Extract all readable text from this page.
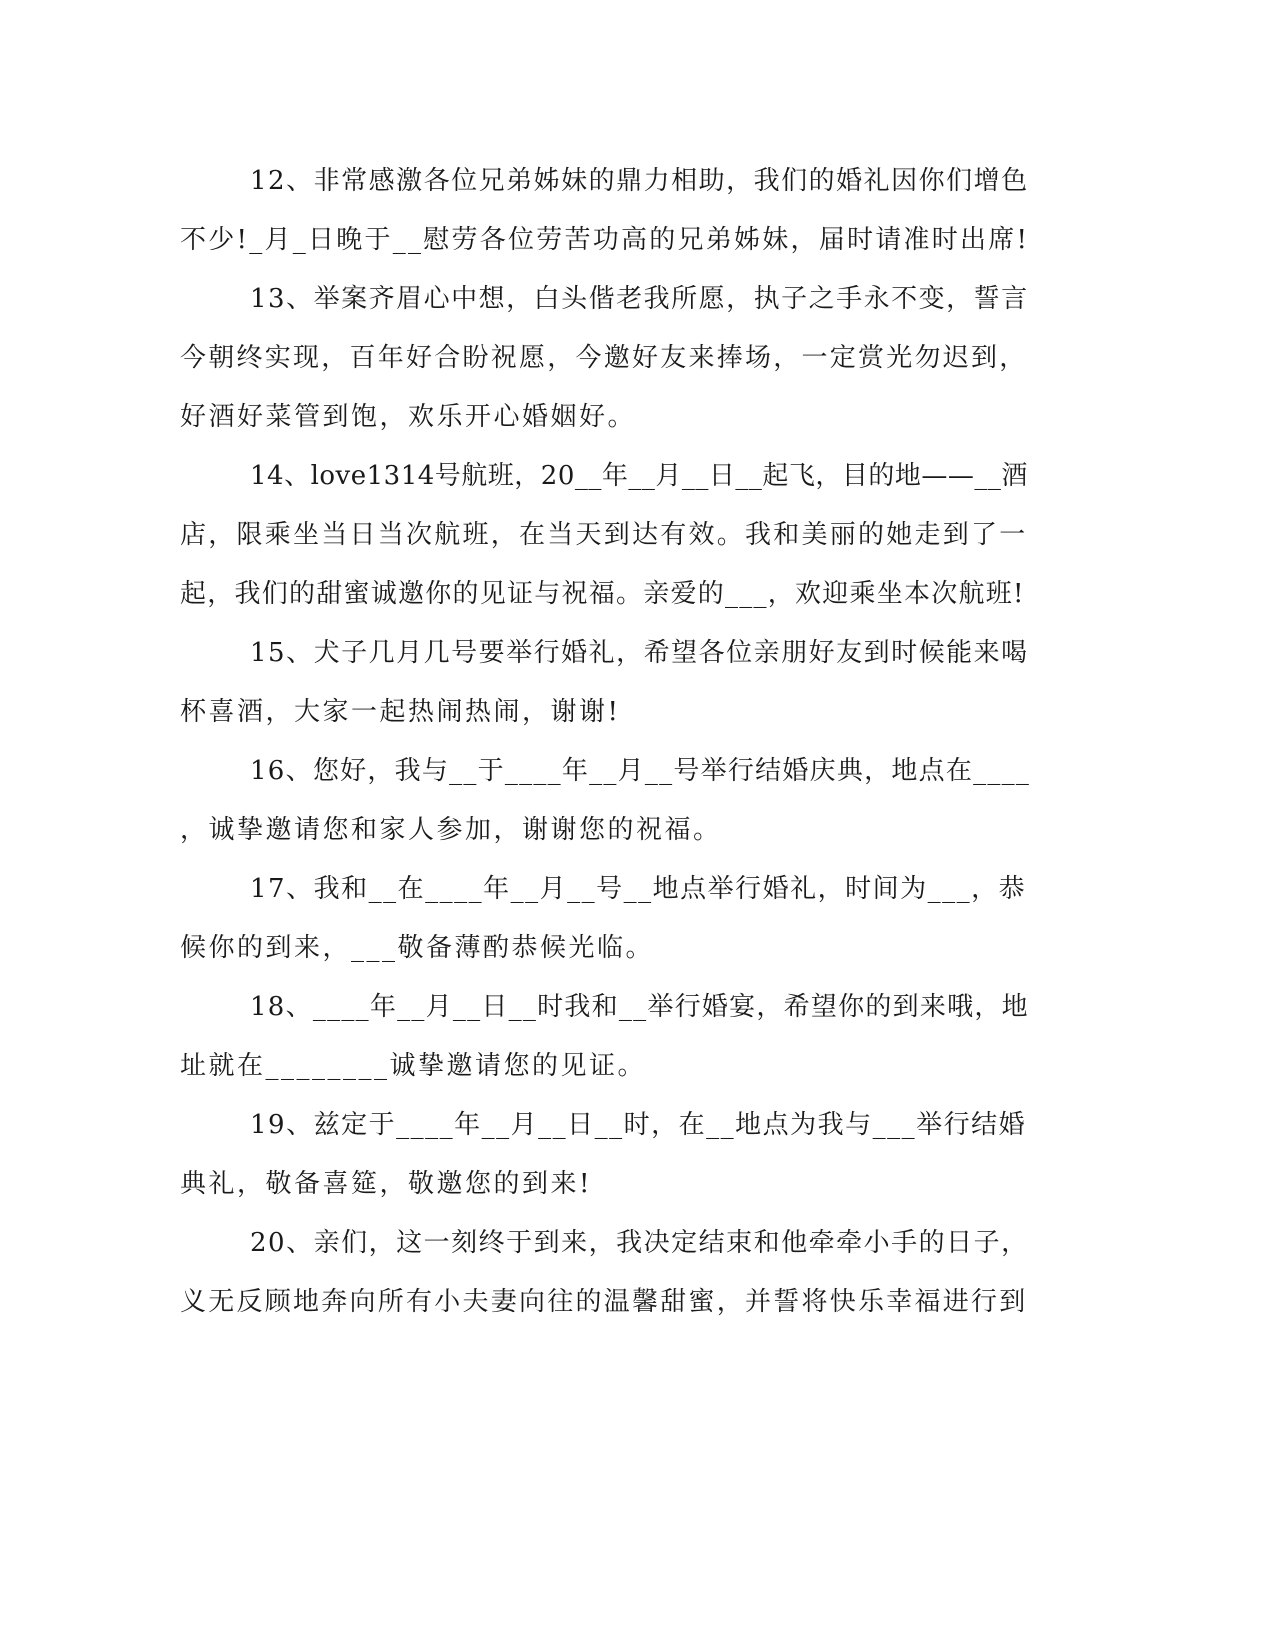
12、非常感激各位兄弟姊妹的鼎力相助，我们的婚礼因你们增色
不少!_月_日晚于__慰劳各位劳苦功高的兄弟姊妹，届时请准时出席!
13、举案齐眉心中想，白头偕老我所愿，执子之手永不变，誓言
今朝终实现，百年好合盼祝愿，今邀好友来捧场，一定赏光勿迟到，
好酒好菜管到饱，欢乐开心婚姻好。
14、love1314号航班，20__年__月__日__起飞，目的地——__酒
店，限乘坐当日当次航班，在当天到达有效。我和美丽的她走到了一
起，我们的甜蜜诚邀你的见证与祝福。亲爱的___，欢迎乘坐本次航班!
15、犬子几月几号要举行婚礼，希望各位亲朋好友到时候能来喝
杯喜酒，大家一起热闹热闹，谢谢!
16、您好，我与__于____年__月__号举行结婚庆典，地点在____
，诚挚邀请您和家人参加，谢谢您的祝福。
17、我和__在____年__月__号__地点举行婚礼，时间为___，恭
候你的到来，___敬备薄酌恭候光临。
18、____年__月__日__时我和__举行婚宴，希望你的到来哦，地
址就在________诚挚邀请您的见证。
19、兹定于____年__月__日__时，在__地点为我与___举行结婚
典礼，敬备喜筵，敬邀您的到来!
20、亲们，这一刻终于到来，我决定结束和他牵牵小手的日子，
义无反顾地奔向所有小夫妻向往的温馨甜蜜，并誓将快乐幸福进行到
